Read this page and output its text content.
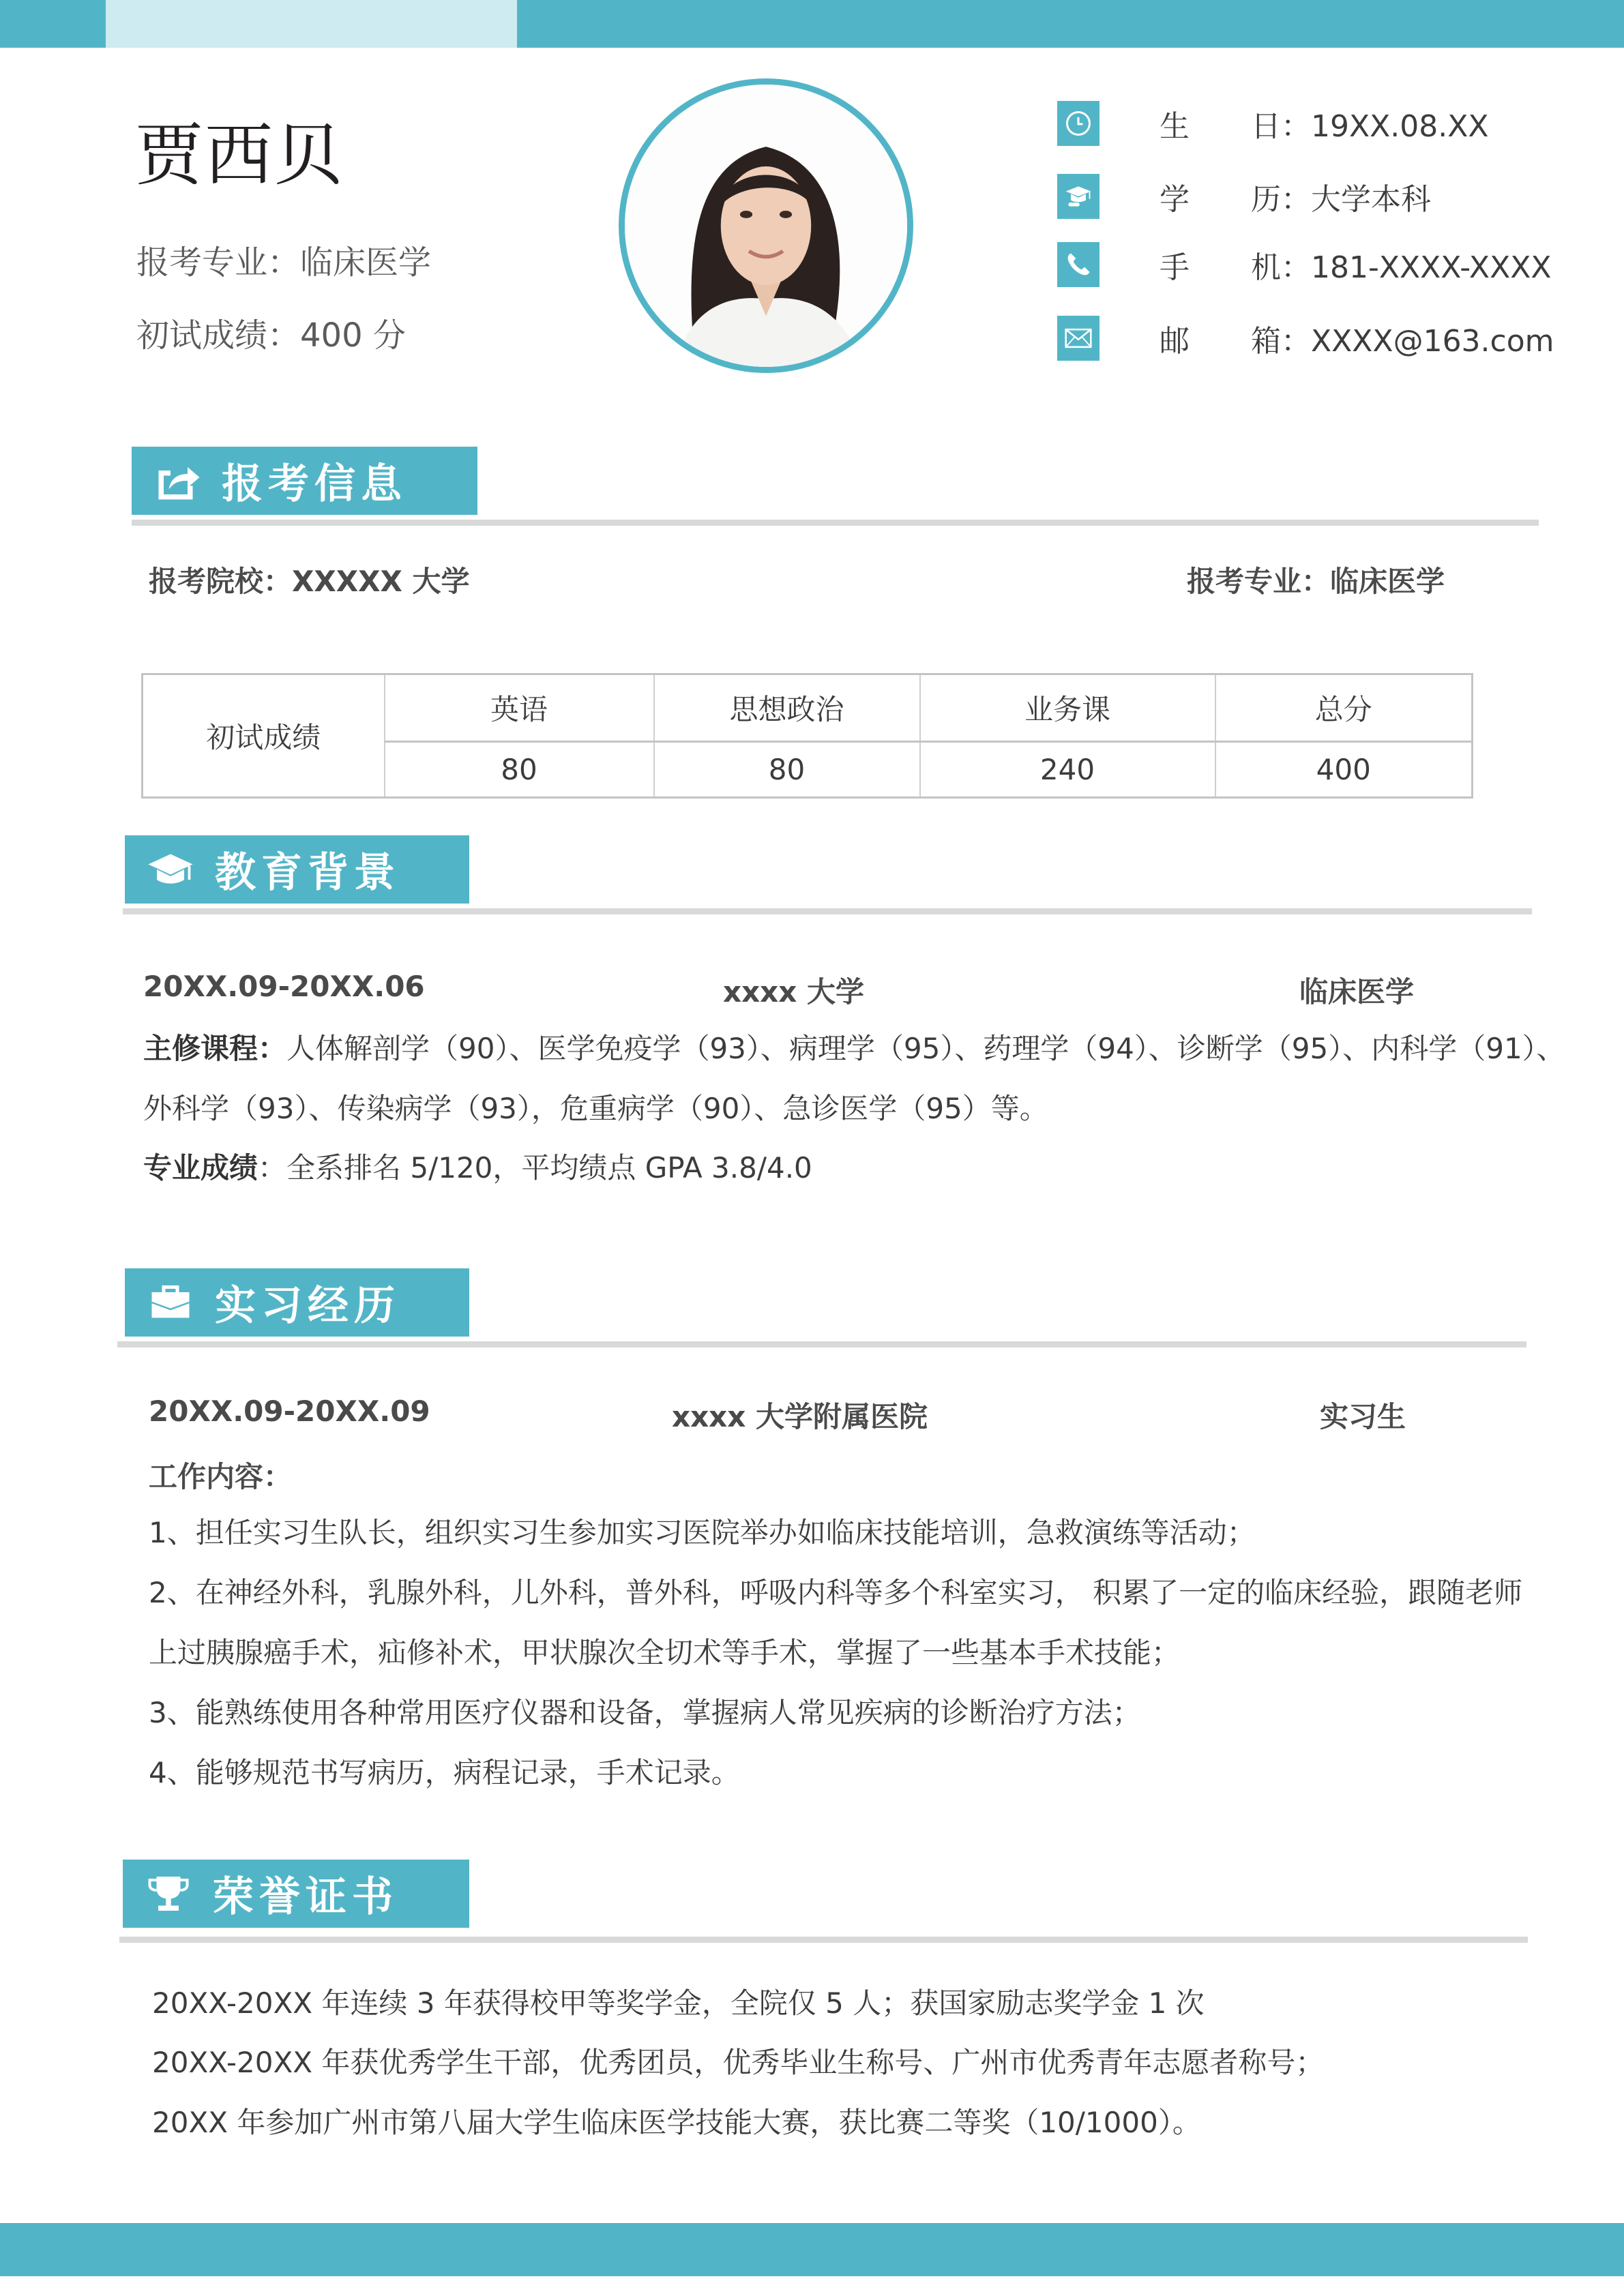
贾西贝
报考专业：临床医学
初试成绩：400 分
生	日：19XX.08.XX
学	历：大学本科
手	机：181-XXXX-XXXX
邮	箱：XXXX@163.com
报考信息
报考院校：XXXXX 大学	报考专业：临床医学
初试成绩	英语	思想政治	业务课	总分
	80	80	240	400
教育背景
20XX.09-20XX.06	xxxx 大学	临床医学
主修课程：人体解剖学（90）、医学免疫学（93）、病理学（95）、药理学（94）、诊断学（95）、内科学（91）、
外科学（93）、传染病学（93），危重病学（90）、急诊医学（95）等。
专业成绩：全系排名 5/120，平均绩点 GPA 3.8/4.0
实习经历
20XX.09-20XX.09	xxxx 大学附属医院	实习生
工作内容：
1、担任实习生队长，组织实习生参加实习医院举办如临床技能培训，急救演练等活动；
2、在神经外科，乳腺外科，儿外科，普外科，呼吸内科等多个科室实习， 积累了一定的临床经验，跟随老师
上过胰腺癌手术，疝修补术，甲状腺次全切术等手术，掌握了一些基本手术技能；
3、能熟练使用各种常用医疗仪器和设备，掌握病人常见疾病的诊断治疗方法；
4、能够规范书写病历，病程记录，手术记录。
荣誉证书
20XX-20XX 年连续 3 年获得校甲等奖学金，全院仅 5 人；获国家励志奖学金 1 次
20XX-20XX 年获优秀学生干部，优秀团员，优秀毕业生称号、广州市优秀青年志愿者称号；
20XX 年参加广州市第八届大学生临床医学技能大赛，获比赛二等奖（10/1000）。
